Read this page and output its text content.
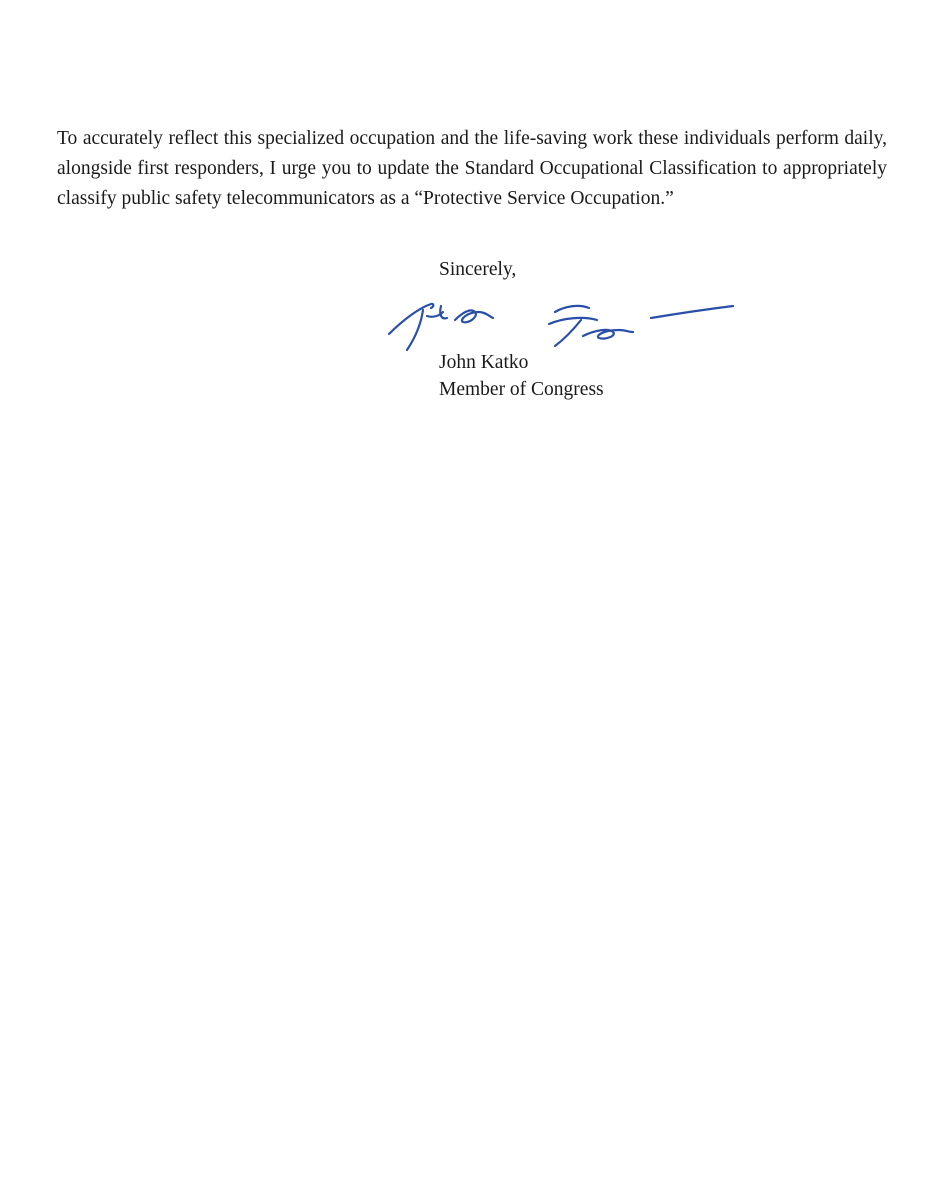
To accurately reflect this specialized occupation and the life-saving work these individuals perform daily, alongside first responders, I urge you to update the Standard Occupational Classification to appropriately classify public safety telecommunicators as a “Protective Service Occupation.”

Sincerely,

John Katko

Member of Congress
